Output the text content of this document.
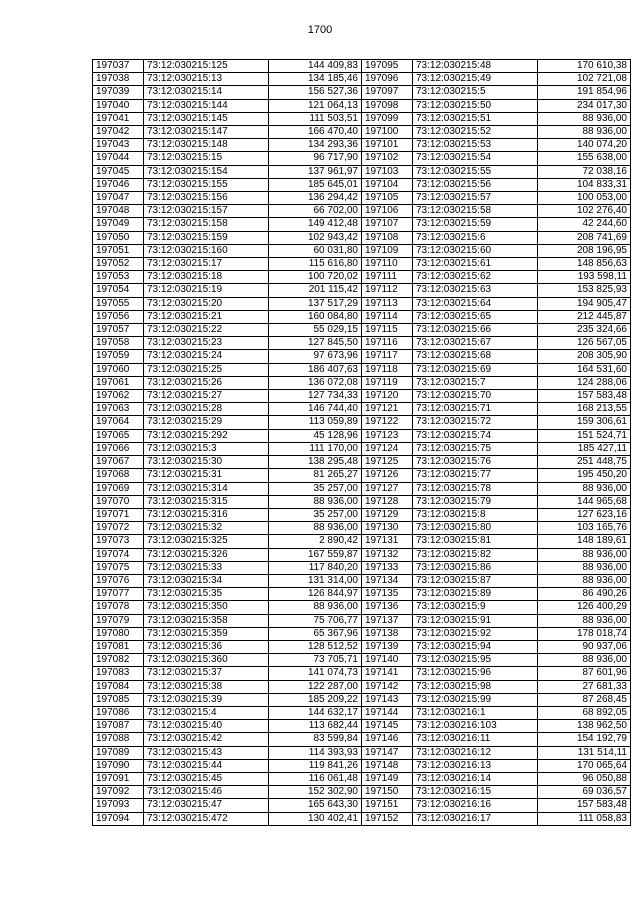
1700
197037	73:12:030215:125	144 409,83
197038	73:12:030215:13	134 185,46
197039	73:12:030215:14	156 527,36
197040	73:12:030215:144	121 064,13
197041	73:12:030215:145	111 503,51
197042	73:12:030215:147	166 470,40
197043	73:12:030215:148	134 293,36
197044	73:12:030215:15	96 717,90
197045	73:12:030215:154	137 961,97
197046	73:12:030215:155	185 645,01
197047	73:12:030215:156	136 294,42
197048	73:12:030215:157	66 702,00
197049	73:12:030215:158	149 412,48
197050	73:12:030215:159	102 943,42
197051	73:12:030215:160	60 031,80
197052	73:12:030215:17	115 616,80
197053	73:12:030215:18	100 720,02
197054	73:12:030215:19	201 115,42
197055	73:12:030215:20	137 517,29
197056	73:12:030215:21	160 084,80
197057	73:12:030215:22	55 029,15
197058	73:12:030215:23	127 845,50
197059	73:12:030215:24	97 673,96
197060	73:12:030215:25	186 407,63
197061	73:12:030215:26	136 072,08
197062	73:12:030215:27	127 734,33
197063	73:12:030215:28	146 744,40
197064	73:12:030215:29	113 059,89
197065	73:12:030215:292	45 128,96
197066	73:12:030215:3	111 170,00
197067	73:12:030215:30	138 295,48
197068	73:12:030215:31	81 265,27
197069	73:12:030215:314	35 257,00
197070	73:12:030215:315	88 936,00
197071	73:12:030215:316	35 257,00
197072	73:12:030215:32	88 936,00
197073	73:12:030215:325	2 890,42
197074	73:12:030215:326	167 559,87
197075	73:12:030215:33	117 840,20
197076	73:12:030215:34	131 314,00
197077	73:12:030215:35	126 844,97
197078	73:12:030215:350	88 936,00
197079	73:12:030215:358	75 706,77
197080	73:12:030215:359	65 367,96
197081	73:12:030215:36	128 512,52
197082	73:12:030215:360	73 705,71
197083	73:12:030215:37	141 074,73
197084	73:12:030215:38	122 287,00
197085	73:12:030215:39	185 209,22
197086	73:12:030215:4	144 632,17
197087	73:12:030215:40	113 682,44
197088	73:12:030215:42	83 599,84
197089	73:12:030215:43	114 393,93
197090	73:12:030215:44	119 841,26
197091	73:12:030215:45	116 061,48
197092	73:12:030215:46	152 302,90
197093	73:12:030215:47	165 643,30
197094	73:12:030215:472	130 402,41
197095	73:12:030215:48	170 610,38
197096	73:12:030215:49	102 721,08
197097	73:12:030215:5	191 854,96
197098	73:12:030215:50	234 017,30
197099	73:12:030215:51	88 936,00
197100	73:12:030215:52	88 936,00
197101	73:12:030215:53	140 074,20
197102	73:12:030215:54	155 638,00
197103	73:12:030215:55	72 038,16
197104	73:12:030215:56	104 833,31
197105	73:12:030215:57	100 053,00
197106	73:12:030215:58	102 276,40
197107	73:12:030215:59	42 244,60
197108	73:12:030215:6	208 741,69
197109	73:12:030215:60	208 196,95
197110	73:12:030215:61	148 856,63
197111	73:12:030215:62	193 598,11
197112	73:12:030215:63	153 825,93
197113	73:12:030215:64	194 905,47
197114	73:12:030215:65	212 445,87
197115	73:12:030215:66	235 324,66
197116	73:12:030215:67	126 567,05
197117	73:12:030215:68	208 305,90
197118	73:12:030215:69	164 531,60
197119	73:12:030215:7	124 288,06
197120	73:12:030215:70	157 583,48
197121	73:12:030215:71	168 213,55
197122	73:12:030215:72	159 306,61
197123	73:12:030215:74	151 524,71
197124	73:12:030215:75	185 427,11
197125	73:12:030215:76	251 448,75
197126	73:12:030215:77	195 450,20
197127	73:12:030215:78	88 936,00
197128	73:12:030215:79	144 965,68
197129	73:12:030215:8	127 623,16
197130	73:12:030215:80	103 165,76
197131	73:12:030215:81	148 189,61
197132	73:12:030215:82	88 936,00
197133	73:12:030215:86	88 936,00
197134	73:12:030215:87	88 936,00
197135	73:12:030215:89	86 490,26
197136	73:12:030215:9	126 400,29
197137	73:12:030215:91	88 936,00
197138	73:12:030215:92	178 018,74
197139	73:12:030215:94	90 937,06
197140	73:12:030215:95	88 936,00
197141	73:12:030215:96	87 601,96
197142	73:12:030215:98	27 681,33
197143	73:12:030215:99	87 268,45
197144	73:12:030216:1	68 892,05
197145	73:12:030216:103	138 962,50
197146	73:12:030216:11	154 192,79
197147	73:12:030216:12	131 514,11
197148	73:12:030216:13	170 065,64
197149	73:12:030216:14	96 050,88
197150	73:12:030216:15	69 036,57
197151	73:12:030216:16	157 583,48
197152	73:12:030216:17	111 058,83
